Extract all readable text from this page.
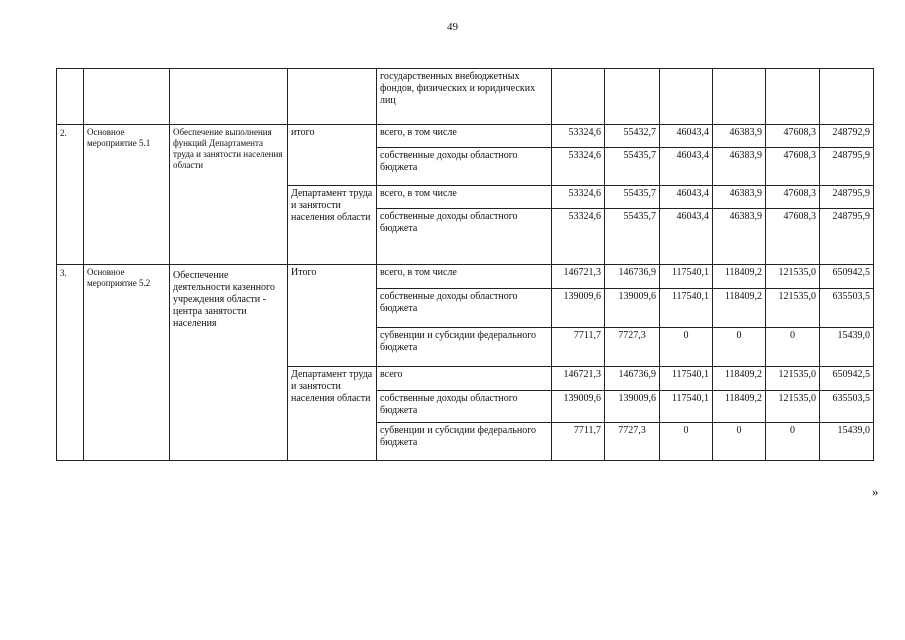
49
				государственных внебюджетных фондов, физических и юридических лиц						
2.	Основное мероприятие 5.1	Обеспечение выполнения функций Департамента труда и занятости населения области	итого	всего, в том числе	53324,6	55432,7	46043,4	46383,9	47608,3	248792,9
				собственные доходы областного бюджета	53324,6	55435,7	46043,4	46383,9	47608,3	248795,9
			Департамент труда и занятости населения области	всего, в том числе	53324,6	55435,7	46043,4	46383,9	47608,3	248795,9
				собственные доходы областного бюджета	53324,6	55435,7	46043,4	46383,9	47608,3	248795,9
3.	Основное мероприятие 5.2	Обеспечение деятельности казенного учреждения области - центра занятости населения	Итого	всего, в том числе	146721,3	146736,9	117540,1	118409,2	121535,0	650942,5
				собственные доходы областного бюджета	139009,6	139009,6	117540,1	118409,2	121535,0	635503,5
				субвенции и субсидии федерального бюджета	7711,7	7727,3	0	0	0	15439,0
			Департамент труда и занятости населения области	всего	146721,3	146736,9	117540,1	118409,2	121535,0	650942,5
				собственные доходы областного бюджета	139009,6	139009,6	117540,1	118409,2	121535,0	635503,5
				субвенции и субсидии федерального бюджета	7711,7	7727,3	0	0	0	15439,0
»
